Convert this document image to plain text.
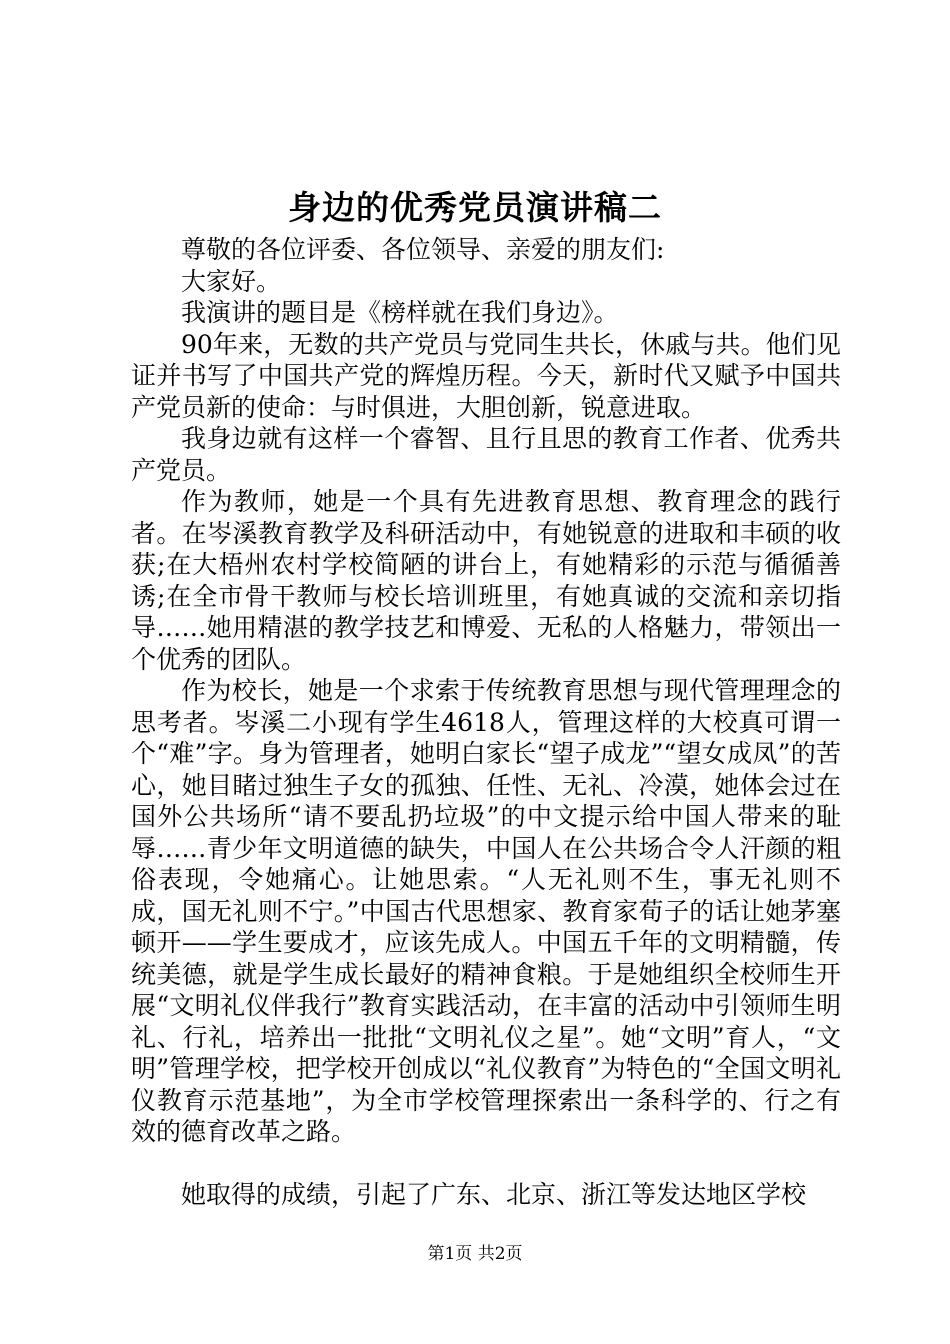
身边的优秀党员演讲稿二

尊敬的各位评委、各位领导、亲爱的朋友们:

大家好。

我演讲的题目是《榜样就在我们身边》。

90年来，无数的共产党员与党同生共长，休戚与共。他们见证并书写了中国共产党的辉煌历程。今天，新时代又赋予中国共产党员新的使命：与时俱进，大胆创新，锐意进取。

我身边就有这样一个睿智、且行且思的教育工作者、优秀共产党员。

作为教师，她是一个具有先进教育思想、教育理念的践行者。在岑溪教育教学及科研活动中，有她锐意的进取和丰硕的收获;在大梧州农村学校简陋的讲台上，有她精彩的示范与循循善诱;在全市骨干教师与校长培训班里，有她真诚的交流和亲切指导……她用精湛的教学技艺和博爱、无私的人格魅力，带领出一个优秀的团队。

作为校长，她是一个求索于传统教育思想与现代管理理念的思考者。岑溪二小现有学生4618人，管理这样的大校真可谓一个“难”字。身为管理者，她明白家长“望子成龙”“望女成凤”的苦心，她目睹过独生子女的孤独、任性、无礼、冷漠，她体会过在国外公共场所“请不要乱扔垃圾”的中文提示给中国人带来的耻辱……青少年文明道德的缺失，中国人在公共场合令人汗颜的粗俗表现，令她痛心。让她思索。“人无礼则不生，事无礼则不成，国无礼则不宁。”中国古代思想家、教育家荀子的话让她茅塞顿开——学生要成才，应该先成人。中国五千年的文明精髓，传统美德，就是学生成长最好的精神食粮。于是她组织全校师生开展“文明礼仪伴我行”教育实践活动，在丰富的活动中引领师生明礼、行礼，培养出一批批“文明礼仪之星”。她“文明”育人，“文明”管理学校，把学校开创成以“礼仪教育”为特色的“全国文明礼仪教育示范基地”，为全市学校管理探索出一条科学的、行之有效的德育改革之路。

她取得的成绩，引起了广东、北京、浙江等发达地区学校

第1页 共2页
